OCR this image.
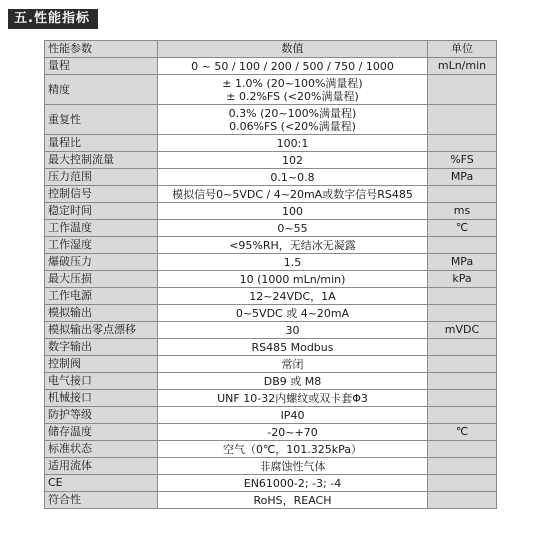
五.性能指标
性能参数	数值	单位
量程	0 ~ 50 / 100 / 200 / 500 / 750 / 1000	mLn/min
精度	± 1.0% (20~100%满量程)
± 0.2%FS (<20%满量程)	

重复性	0.3% (20~100%满量程)
0.06%FS (<20%满量程)	

量程比	100:1	

最大控制流量	102	%FS
压力范围	0.1~0.8	MPa
控制信号	模拟信号0~5VDC / 4~20mA或数字信号RS485	

稳定时间	100	ms
工作温度	0~55	℃
工作湿度	<95%RH，无结冰无凝露	

爆破压力	1.5	MPa
最大压损	10 (1000 mLn/min)	kPa
工作电源	12~24VDC，1A	

模拟输出	0~5VDC 或 4~20mA	

模拟输出零点漂移	30	mVDC
数字输出	RS485 Modbus	

控制阀	常闭	

电气接口	DB9 或 M8	

机械接口	UNF 10-32内螺纹或双卡套Φ3	

防护等级	IP40	

储存温度	-20~+70	℃
标准状态	空气（0℃，101.325kPa）	

适用流体	非腐蚀性气体	

CE	EN61000-2; -3; -4	

符合性	RoHS，REACH	
